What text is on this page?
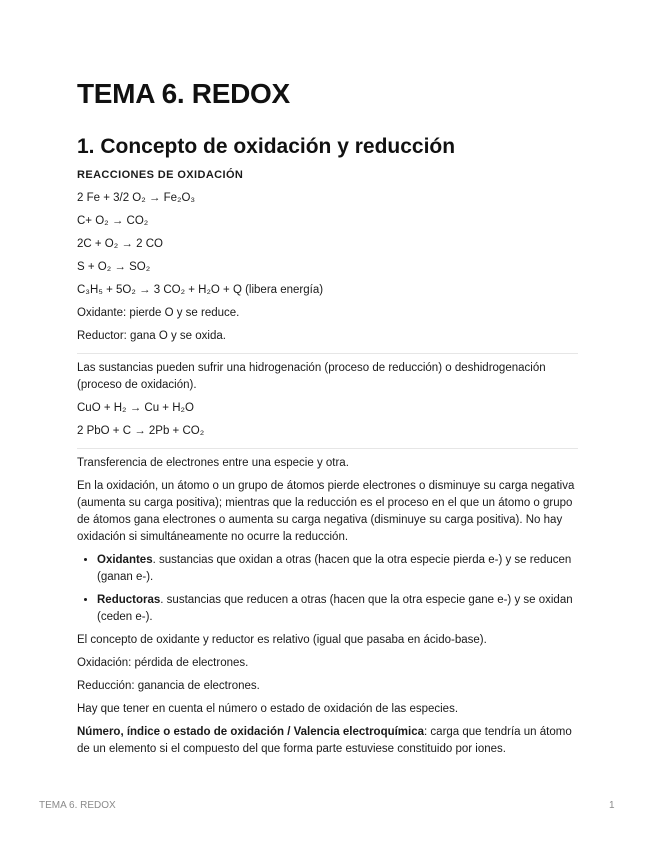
TEMA 6. REDOX
1. Concepto de oxidación y reducción

REACCIONES DE OXIDACIÓN

2 Fe + 3/2 O₂ → Fe₂O₃

C+ O₂ → CO₂

2C + O₂ → 2 CO

S + O₂ → SO₂

C₃H₅ + 5O₂ → 3 CO₂ + H₂O + Q (libera energía)

Oxidante: pierde O y se reduce.

Reductor: gana O y se oxida.

Las sustancias pueden sufrir una hidrogenación (proceso de reducción) o deshidrogenación (proceso de oxidación).

CuO + H₂ → Cu + H₂O

2 PbO + C → 2Pb + CO₂

Transferencia de electrones entre una especie y otra.

En la oxidación, un átomo o un grupo de átomos pierde electrones o disminuye su carga negativa (aumenta su carga positiva); mientras que la reducción es el proceso en el que un átomo o grupo de átomos gana electrones o aumenta su carga negativa (disminuye su carga positiva). No hay oxidación si simultáneamente no ocurre la reducción.

• Oxidantes. sustancias que oxidan a otras (hacen que la otra especie pierda e-) y se reducen (ganan e-).
• Reductoras. sustancias que reducen a otras (hacen que la otra especie gane e-) y se oxidan (ceden e-).

El concepto de oxidante y reductor es relativo (igual que pasaba en ácido-base).

Oxidación: pérdida de electrones.

Reducción: ganancia de electrones.

Hay que tener en cuenta el número o estado de oxidación de las especies.

Número, índice o estado de oxidación / Valencia electroquímica: carga que tendría un átomo de un elemento si el compuesto del que forma parte estuviese constituido por iones.

TEMA 6. REDOX	1
